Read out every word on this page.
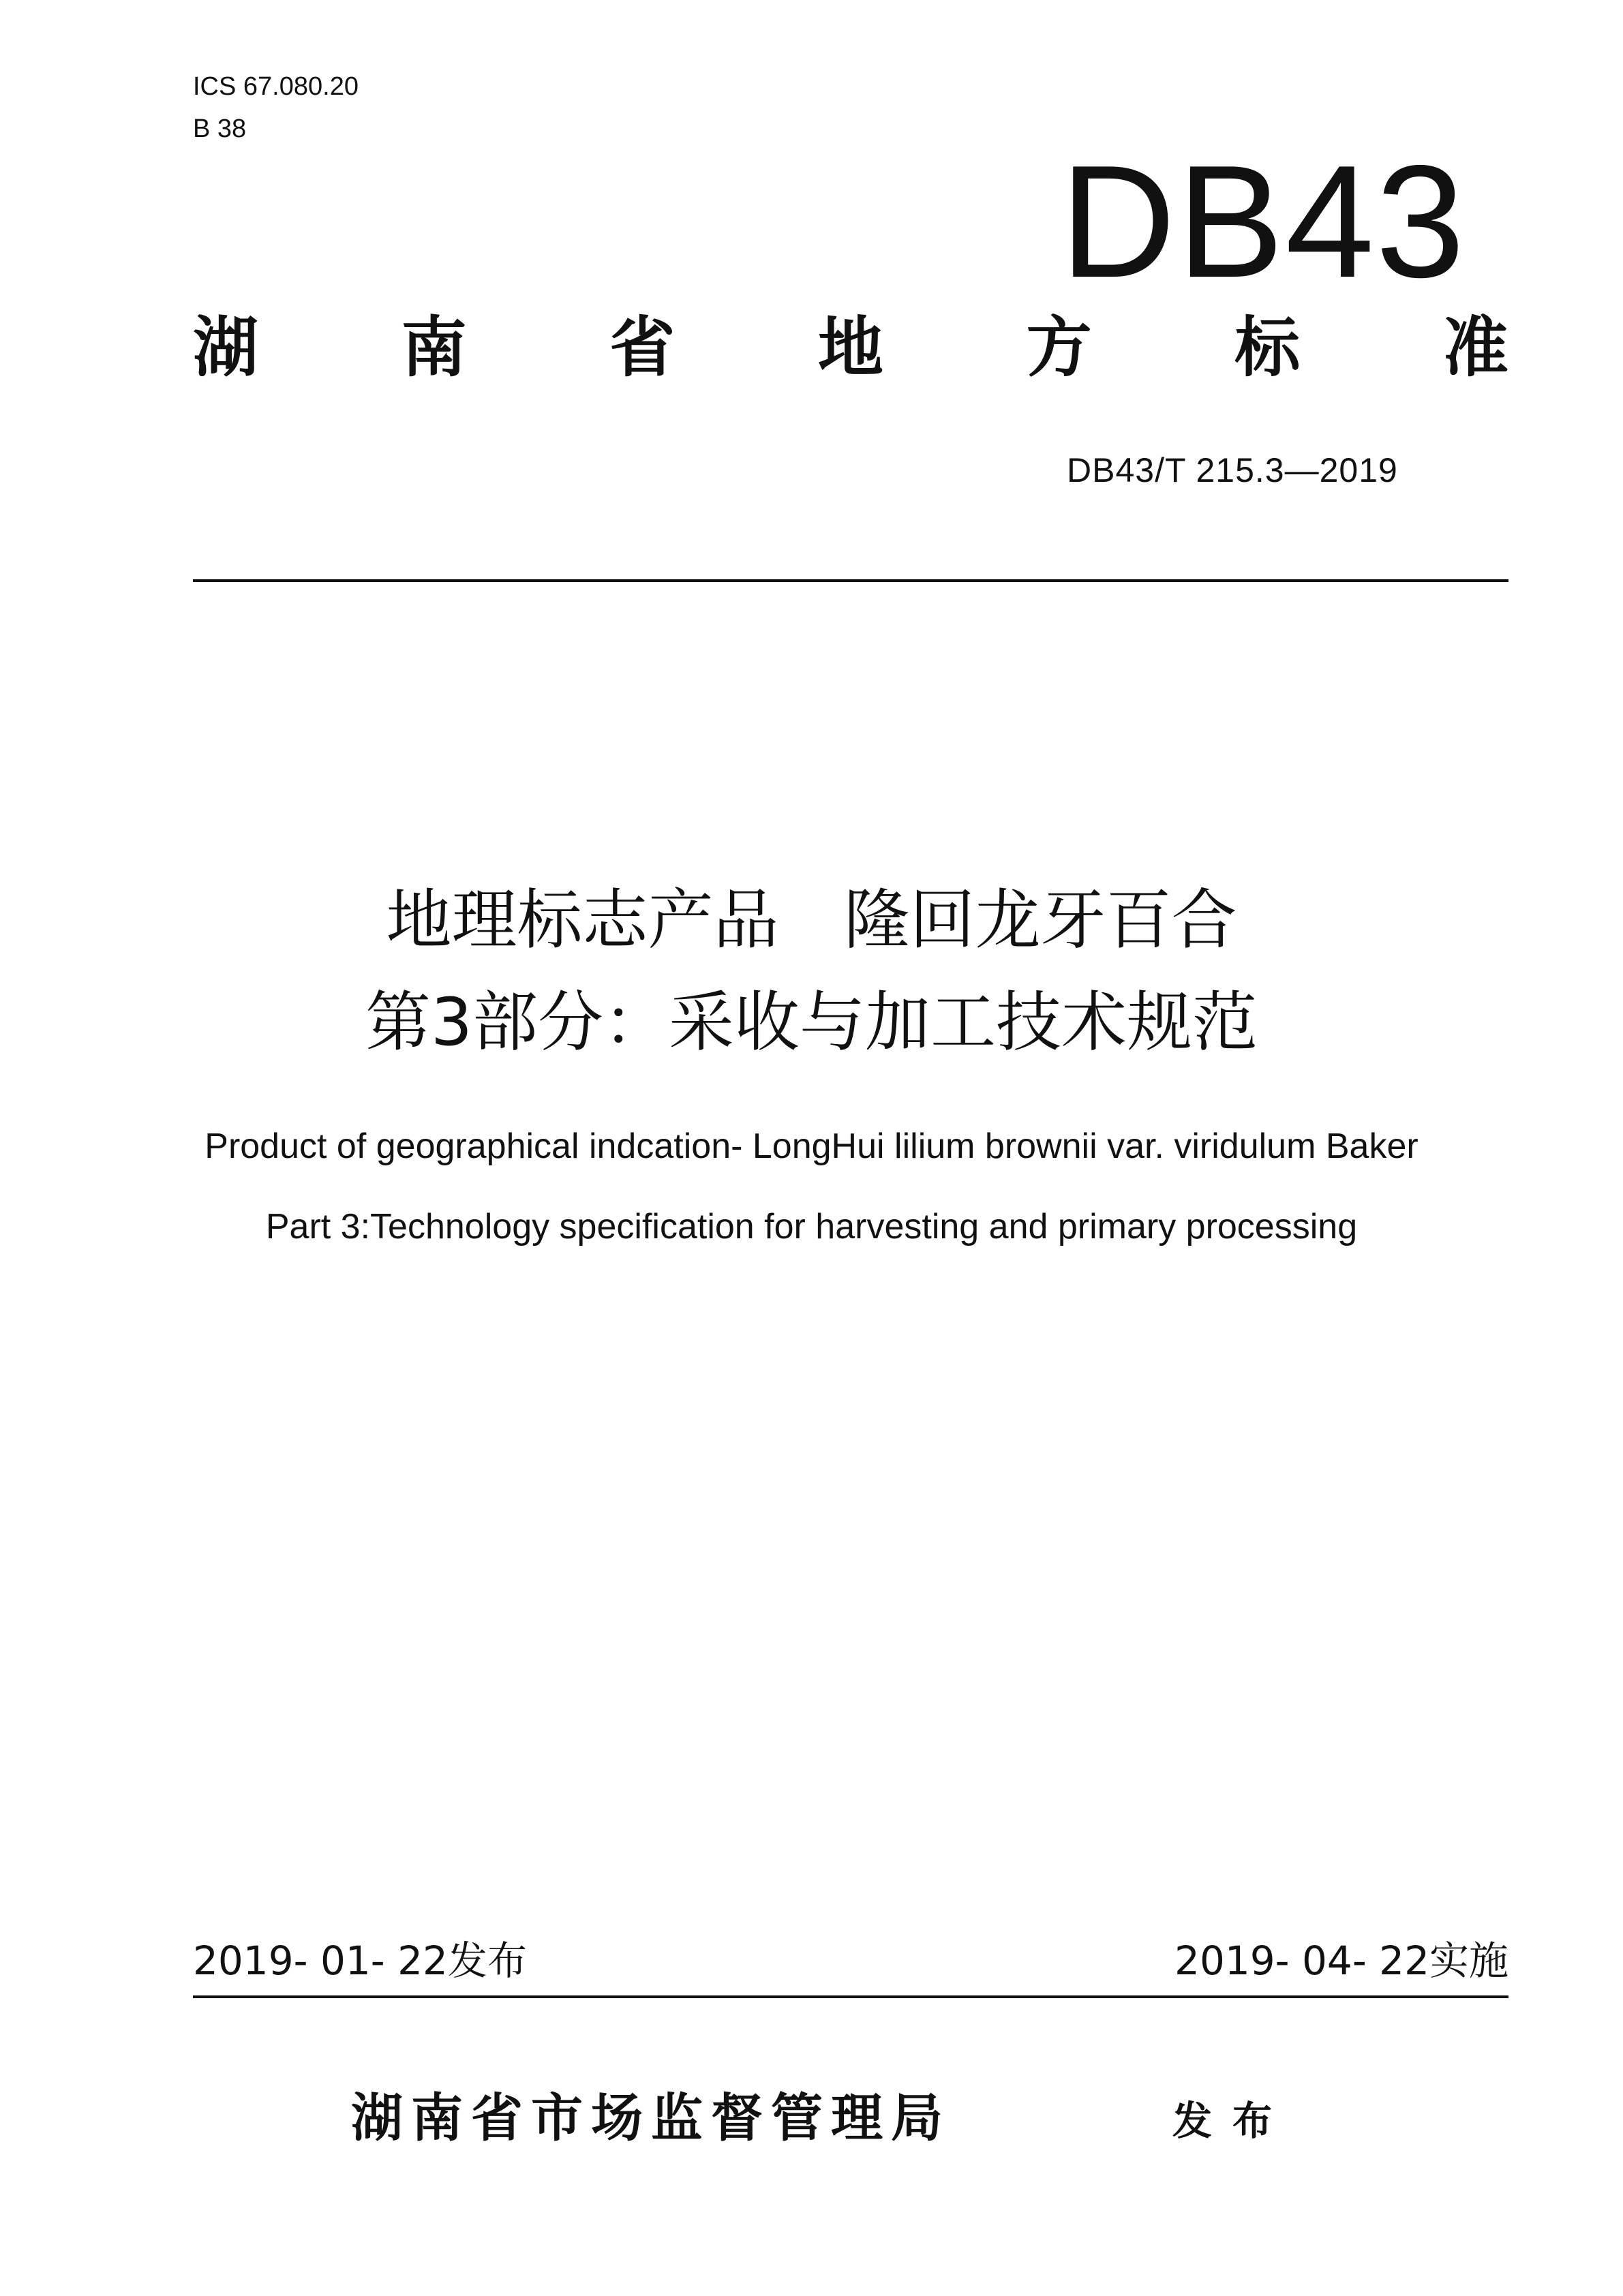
ICS 67.080.20
B 38
DB43
湖 南 省 地 方 标 准
DB43/T 215.3—2019
地理标志产品　隆回龙牙百合
第3部分：采收与加工技术规范
Product of geographical indcation- LongHui lilium brownii var. viridulum Baker
Part 3:Technology specification for harvesting and primary processing
2019- 01- 22发布	2019- 04- 22实施
湖南省市场监督管理局	发布
